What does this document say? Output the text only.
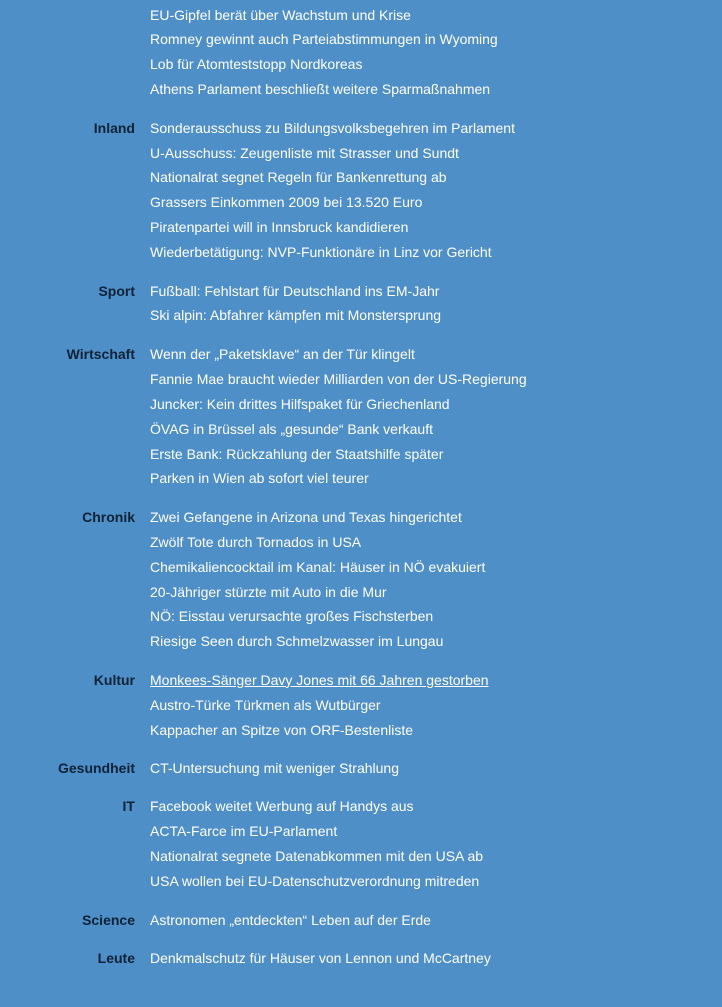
EU-Gipfel berät über Wachstum und Krise
Romney gewinnt auch Parteiabstimmungen in Wyoming
Lob für Atomteststopp Nordkoreas
Athens Parlament beschließt weitere Sparmaßnahmen
Inland Sonderausschuss zu Bildungsvolksbegehren im Parlament
U-Ausschuss: Zeugenliste mit Strasser und Sundt
Nationalrat segnet Regeln für Bankenrettung ab
Grassers Einkommen 2009 bei 13.520 Euro
Piratenpartei will in Innsbruck kandidieren
Wiederbetätigung: NVP-Funktionäre in Linz vor Gericht
Sport Fußball: Fehlstart für Deutschland ins EM-Jahr
Ski alpin: Abfahrer kämpfen mit Monstersprung
Wirtschaft Wenn der „Paketsklave“ an der Tür klingelt
Fannie Mae braucht wieder Milliarden von der US-Regierung
Juncker: Kein drittes Hilfspaket für Griechenland
ÖVAG in Brüssel als „gesunde“ Bank verkauft
Erste Bank: Rückzahlung der Staatshilfe später
Parken in Wien ab sofort viel teurer
Chronik Zwei Gefangene in Arizona und Texas hingerichtet
Zwölf Tote durch Tornados in USA
Chemikaliencocktail im Kanal: Häuser in NÖ evakuiert
20-Jähriger stürzte mit Auto in die Mur
NÖ: Eisstau verursachte großes Fischsterben
Riesige Seen durch Schmelzwasser im Lungau
Kultur Monkees-Sänger Davy Jones mit 66 Jahren gestorben
Austro-Türke Türkmen als Wutbürger
Kappacher an Spitze von ORF-Bestenliste
Gesundheit CT-Untersuchung mit weniger Strahlung
IT Facebook weitet Werbung auf Handys aus
ACTA-Farce im EU-Parlament
Nationalrat segnete Datenabkommen mit den USA ab
USA wollen bei EU-Datenschutzverordnung mitreden
Science Astronomen „entdeckten“ Leben auf der Erde
Leute Denkmalschutz für Häuser von Lennon und McCartney
